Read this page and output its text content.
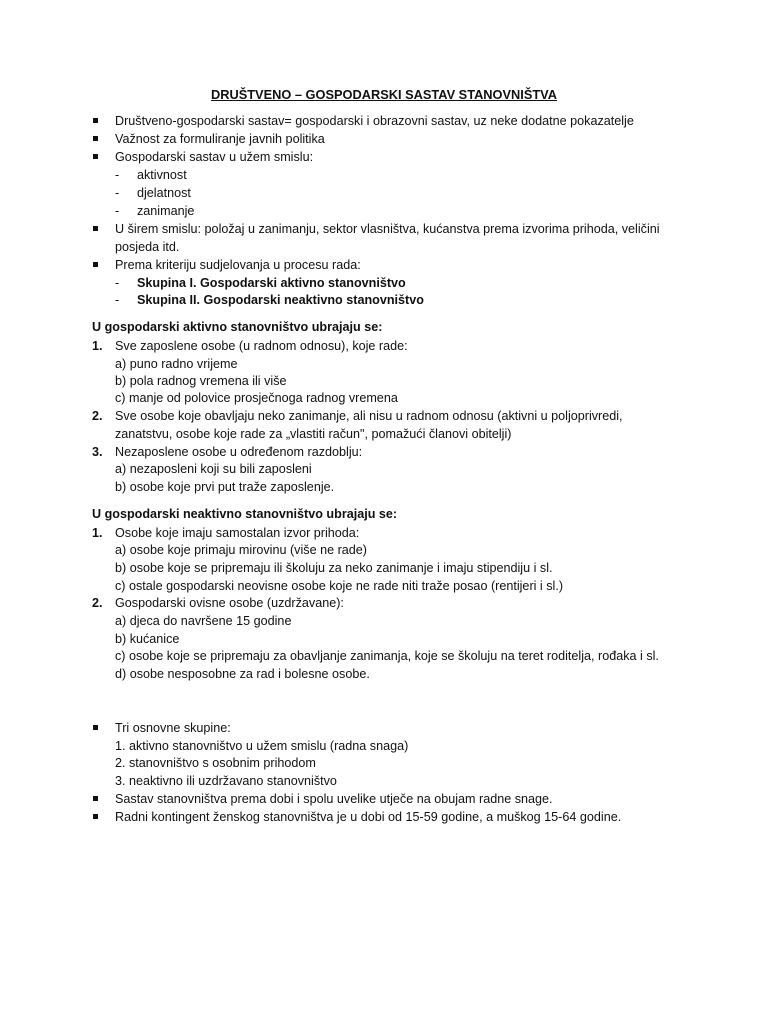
DRUŠTVENO – GOSPODARSKI SASTAV STANOVNIŠTVA
Društveno-gospodarski sastav= gospodarski i obrazovni sastav, uz neke dodatne pokazatelje
Važnost za formuliranje javnih politika
Gospodarski sastav u užem smislu:
- aktivnost
- djelatnost
- zanimanje
U širem smislu: položaj u zanimanju, sektor vlasništva, kućanstva prema izvorima prihoda, veličini
posjeda itd.
Prema kriteriju sudjelovanja u procesu rada:
- Skupina I. Gospodarski aktivno stanovništvo
- Skupina II. Gospodarski neaktivno stanovništvo
U gospodarski aktivno stanovništvo ubrajaju se:
1. Sve zaposlene osobe (u radnom odnosu), koje rade:
a) puno radno vrijeme
b) pola radnog vremena ili više
c) manje od polovice prosječnoga radnog vremena
2. Sve osobe koje obavljaju neko zanimanje, ali nisu u radnom odnosu (aktivni u poljoprivredi,
zanatstvu, osobe koje rade za „vlastiti račun", pomažući članovi obitelji)
3. Nezaposlene osobe u određenom razdoblju:
a) nezaposleni koji su bili zaposleni
b) osobe koje prvi put traže zaposlenje.
U gospodarski neaktivno stanovništvo ubrajaju se:
1. Osobe koje imaju samostalan izvor prihoda:
a) osobe koje primaju mirovinu (više ne rade)
b) osobe koje se pripremaju ili školuju za neko zanimanje i imaju stipendiju i sl.
c) ostale gospodarski neovisne osobe koje ne rade niti traže posao (rentijeri i sl.)
2. Gospodarski ovisne osobe (uzdržavane):
a) djeca do navršene 15 godine
b) kućanice
c) osobe koje se pripremaju za obavljanje zanimanja, koje se školuju na teret roditelja, rođaka i sl.
d) osobe nesposobne za rad i bolesne osobe.
Tri osnovne skupine:
1. aktivno stanovništvo u užem smislu (radna snaga)
2. stanovništvo s osobnim prihodom
3. neaktivno ili uzdržavano stanovništvo
Sastav stanovništva prema dobi i spolu uvelike utječe na obujam radne snage.
Radni kontingent ženskog stanovništva je u dobi od 15-59 godine, a muškog 15-64 godine.
